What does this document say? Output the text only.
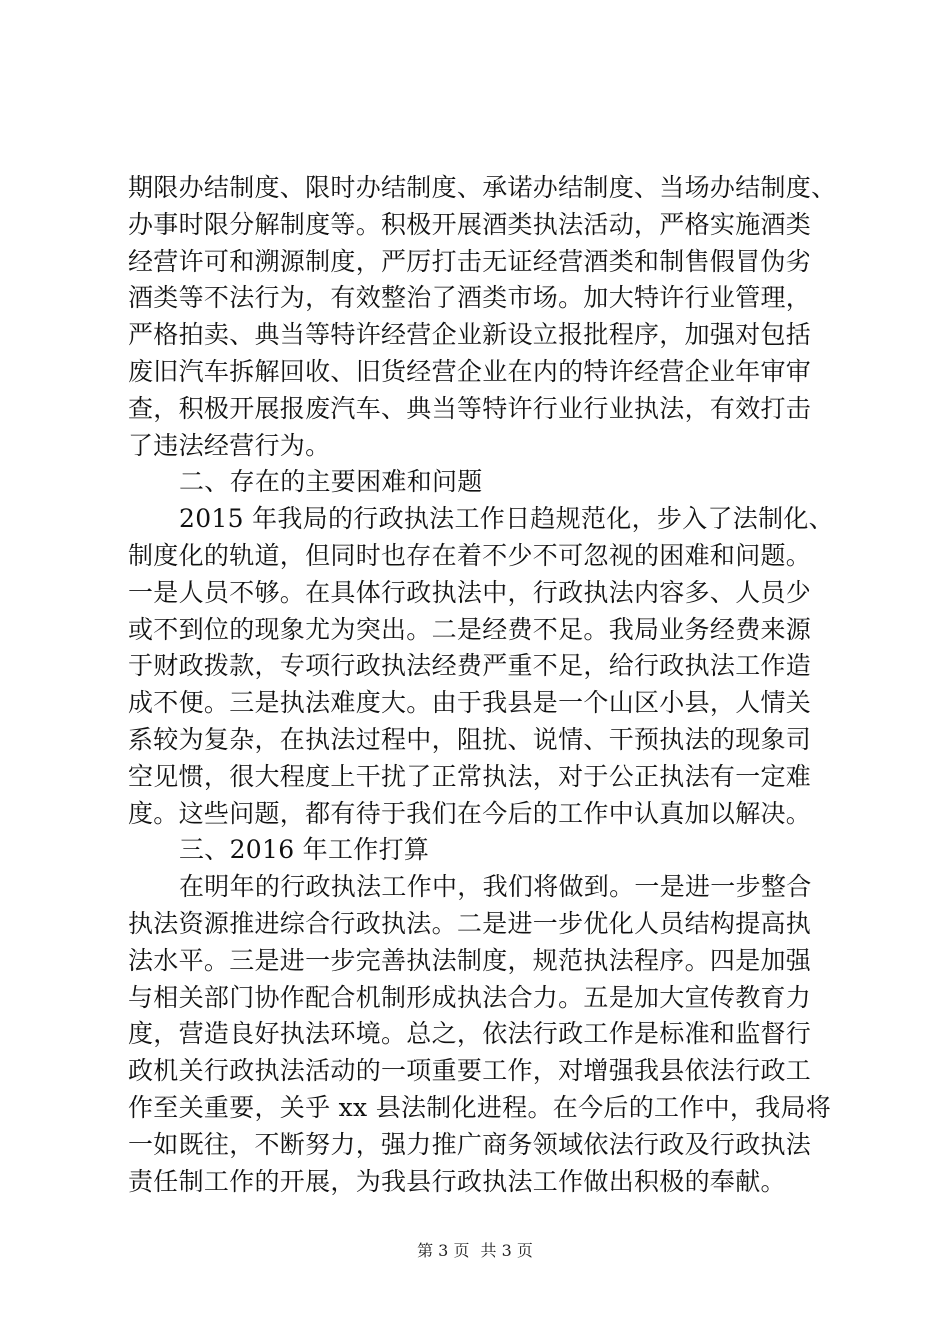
期限办结制度、限时办结制度、承诺办结制度、当场办结制度、
办事时限分解制度等。积极开展酒类执法活动，严格实施酒类
经营许可和溯源制度，严厉打击无证经营酒类和制售假冒伪劣
酒类等不法行为，有效整治了酒类市场。加大特许行业管理，
严格拍卖、典当等特许经营企业新设立报批程序，加强对包括
废旧汽车拆解回收、旧货经营企业在内的特许经营企业年审审
查，积极开展报废汽车、典当等特许行业行业执法，有效打击
了违法经营行为。
二、存在的主要困难和问题
2015 年我局的行政执法工作日趋规范化，步入了法制化、
制度化的轨道，但同时也存在着不少不可忽视的困难和问题。
一是人员不够。在具体行政执法中，行政执法内容多、人员少
或不到位的现象尤为突出。二是经费不足。我局业务经费来源
于财政拨款，专项行政执法经费严重不足，给行政执法工作造
成不便。三是执法难度大。由于我县是一个山区小县，人情关
系较为复杂，在执法过程中，阻扰、说情、干预执法的现象司
空见惯，很大程度上干扰了正常执法，对于公正执法有一定难
度。这些问题，都有待于我们在今后的工作中认真加以解决。
三、2016 年工作打算
在明年的行政执法工作中，我们将做到。一是进一步整合
执法资源推进综合行政执法。二是进一步优化人员结构提高执
法水平。三是进一步完善执法制度，规范执法程序。四是加强
与相关部门协作配合机制形成执法合力。五是加大宣传教育力
度，营造良好执法环境。总之，依法行政工作是标准和监督行
政机关行政执法活动的一项重要工作，对增强我县依法行政工
作至关重要，关乎 xx 县法制化进程。在今后的工作中，我局将
一如既往，不断努力，强力推广商务领域依法行政及行政执法
责任制工作的开展，为我县行政执法工作做出积极的奉献。
第 3 页 共 3 页
